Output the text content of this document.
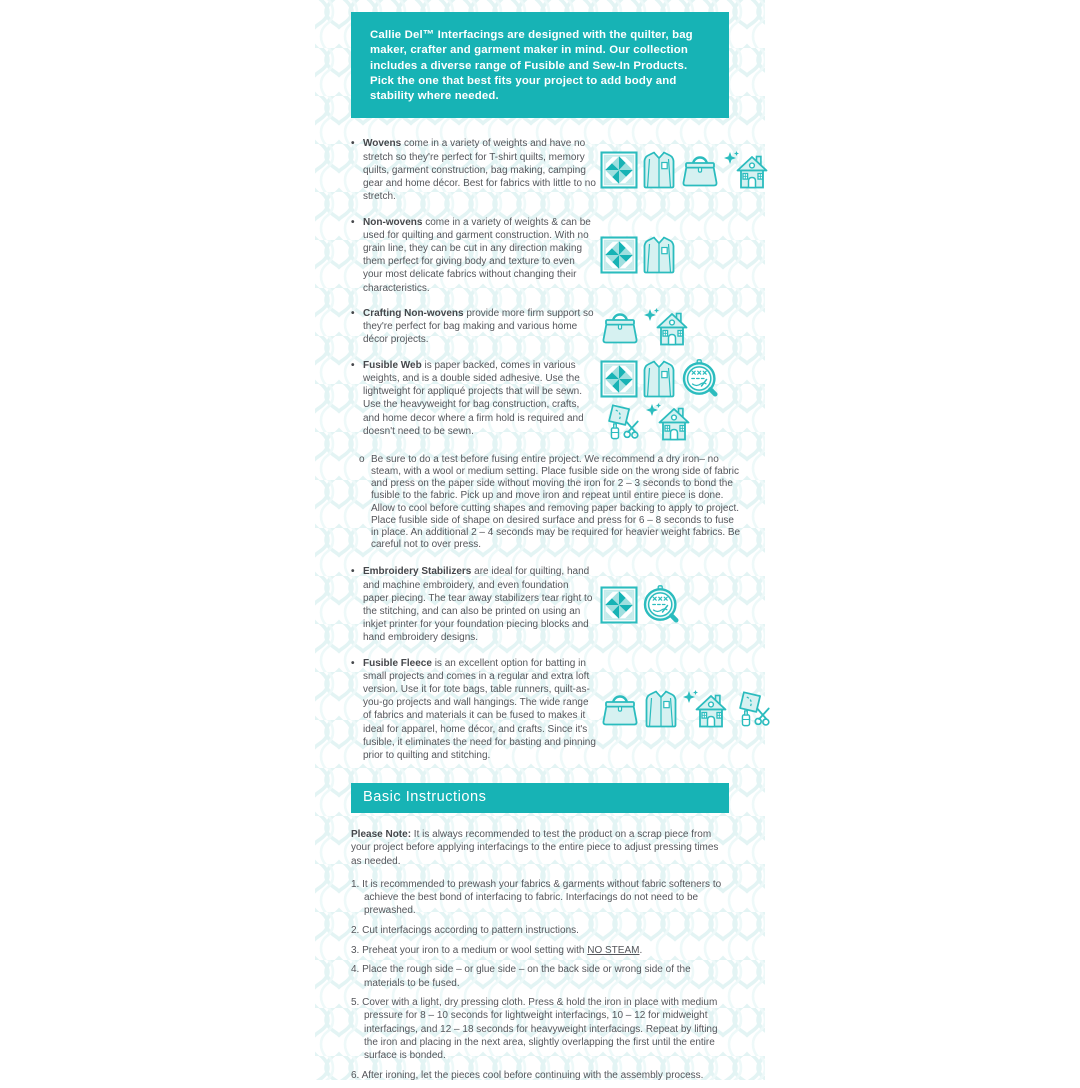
Callie Del™ Interfacings are designed with the quilter, bag maker, crafter and garment maker in mind. Our collection includes a diverse range of Fusible and Sew-In Products. Pick the one that best fits your project to add body and stability where needed.
• Wovens come in a variety of weights and have no stretch so they're perfect for T-shirt quilts, memory quilts, garment construction, bag making, camping gear and home décor. Best for fabrics with little to no stretch.
• Non-wovens come in a variety of weights & can be used for quilting and garment construction. With no grain line, they can be cut in any direction making them perfect for giving body and texture to even your most delicate fabrics without changing their characteristics.
• Crafting Non-wovens provide more firm support so they're perfect for bag making and various home décor projects.
• Fusible Web is paper backed, comes in various weights, and is a double sided adhesive. Use the lightweight for appliqué projects that will be sewn. Use the heavyweight for bag construction, crafts, and home decor where a firm hold is required and doesn't need to be sewn.
o Be sure to do a test before fusing entire project. We recommend a dry iron– no steam, with a wool or medium setting. Place fusible side on the wrong side of fabric and press on the paper side without moving the iron for 2 – 3 seconds to bond the fusible to the fabric. Pick up and move iron and repeat until entire piece is done. Allow to cool before cutting shapes and removing paper backing to apply to project. Place fusible side of shape on desired surface and press for 6 – 8 seconds to fuse in place. An additional 2 – 4 seconds may be required for heavier weight fabrics. Be careful not to over press.
• Embroidery Stabilizers are ideal for quilting, hand and machine embroidery, and even foundation paper piecing. The tear away stabilizers tear right to the stitching, and can also be printed on using an inkjet printer for your foundation piecing blocks and hand embroidery designs.
• Fusible Fleece is an excellent option for batting in small projects and comes in a regular and extra loft version. Use it for tote bags, table runners, quilt-as-you-go projects and wall hangings. The wide range of fabrics and materials it can be fused to makes it ideal for apparel, home décor, and crafts. Since it's fusible, it eliminates the need for basting and pinning prior to quilting and stitching.
Basic Instructions
Please Note: It is always recommended to test the product on a scrap piece from your project before applying interfacings to the entire piece to adjust pressing times as needed.
1. It is recommended to prewash your fabrics & garments without fabric softeners to achieve the best bond of interfacing to fabric. Interfacings do not need to be prewashed.
2. Cut interfacings according to pattern instructions.
3. Preheat your iron to a medium or wool setting with NO STEAM.
4. Place the rough side – or glue side – on the back side or wrong side of the materials to be fused.
5. Cover with a light, dry pressing cloth. Press & hold the iron in place with medium pressure for 8 – 10 seconds for lightweight interfacings, 10 – 12 for midweight interfacings, and 12 – 18 seconds for heavyweight interfacings. Repeat by lifting the iron and placing in the next area, slightly overlapping the first until the entire surface is bonded.
6. After ironing, let the pieces cool before continuing with the assembly process.
